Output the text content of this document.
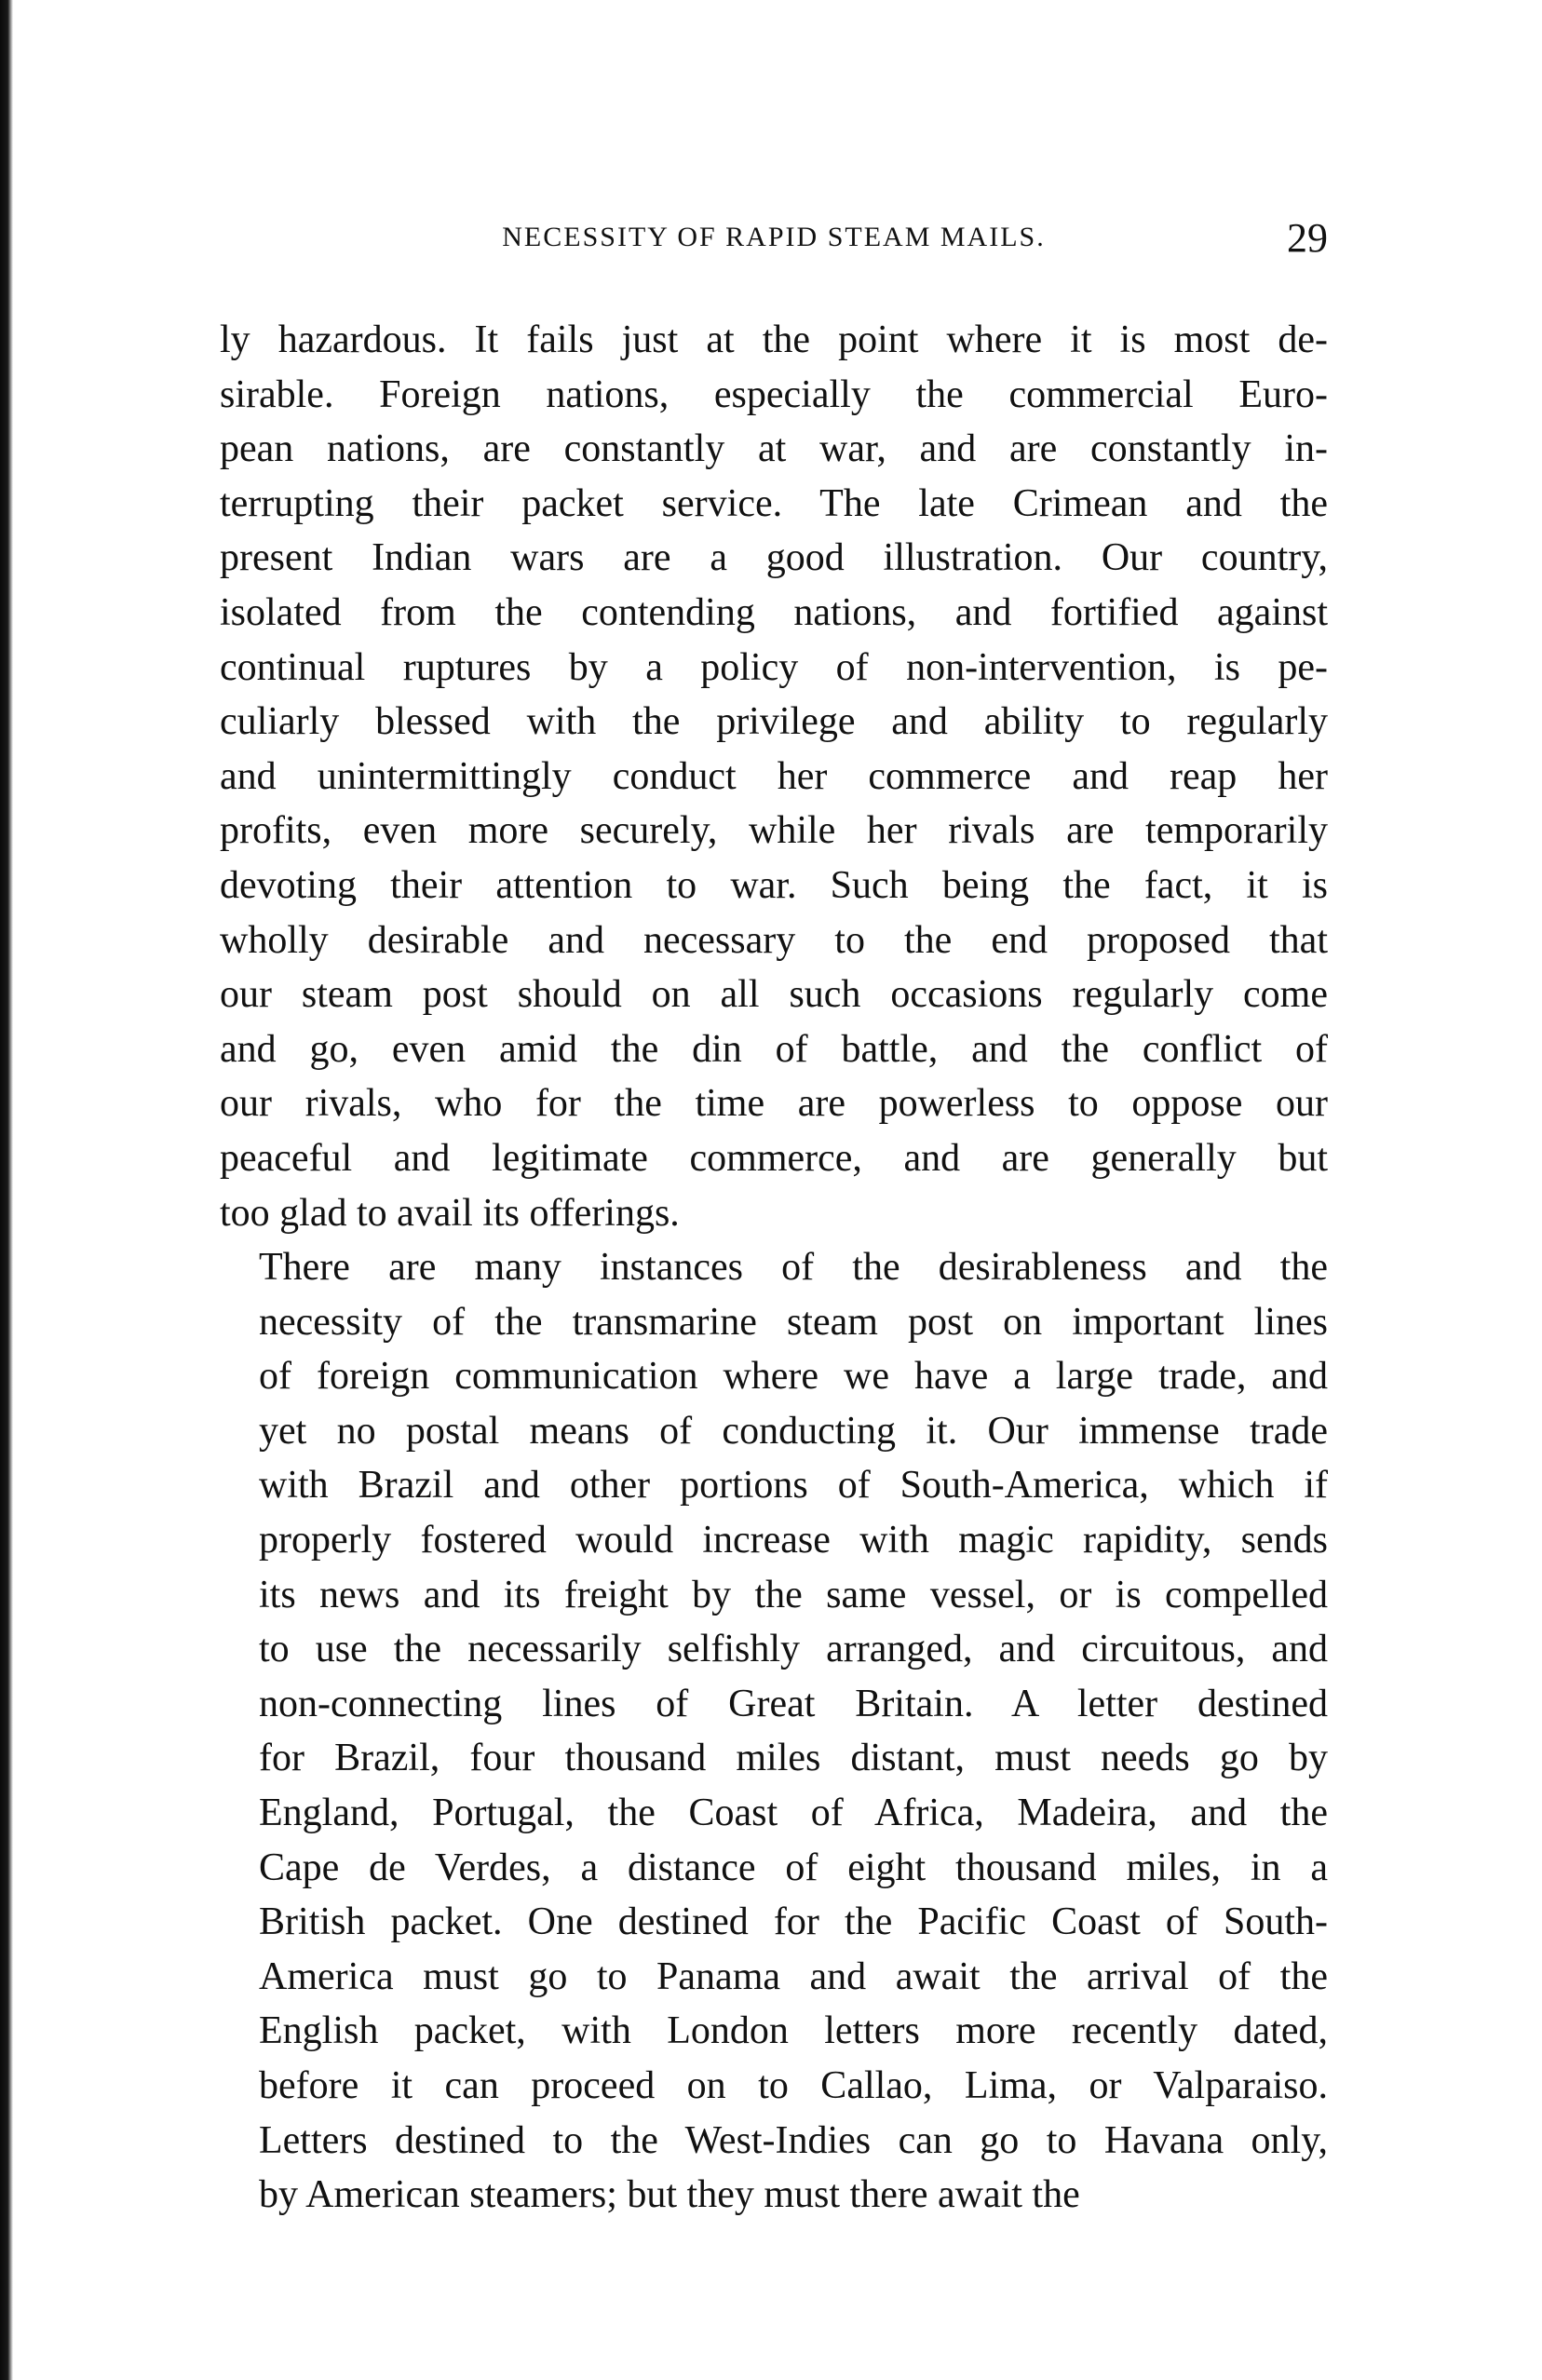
NECESSITY OF RAPID STEAM MAILS.	29

ly hazardous. It fails just at the point where it is most de-
sirable. Foreign nations, especially the commercial Euro-
pean nations, are constantly at war, and are constantly in-
terrupting their packet service. The late Crimean and the
present Indian wars are a good illustration. Our country,
isolated from the contending nations, and fortified against
continual ruptures by a policy of non-intervention, is pe-
culiarly blessed with the privilege and ability to regularly
and unintermittingly conduct her commerce and reap her
profits, even more securely, while her rivals are temporarily
devoting their attention to war. Such being the fact, it is
wholly desirable and necessary to the end proposed that
our steam post should on all such occasions regularly come
and go, even amid the din of battle, and the conflict of
our rivals, who for the time are powerless to oppose our
peaceful and legitimate commerce, and are generally but
too glad to avail its offerings.

There are many instances of the desirableness and the
necessity of the transmarine steam post on important lines
of foreign communication where we have a large trade, and
yet no postal means of conducting it. Our immense trade
with Brazil and other portions of South-America, which if
properly fostered would increase with magic rapidity, sends
its news and its freight by the same vessel, or is compelled
to use the necessarily selfishly arranged, and circuitous, and
non-connecting lines of Great Britain. A letter destined
for Brazil, four thousand miles distant, must needs go by
England, Portugal, the Coast of Africa, Madeira, and the
Cape de Verdes, a distance of eight thousand miles, in a
British packet. One destined for the Pacific Coast of South-
America must go to Panama and await the arrival of the
English packet, with London letters more recently dated,
before it can proceed on to Callao, Lima, or Valparaiso.
Letters destined to the West-Indies can go to Havana only,
by American steamers; but they must there await the
